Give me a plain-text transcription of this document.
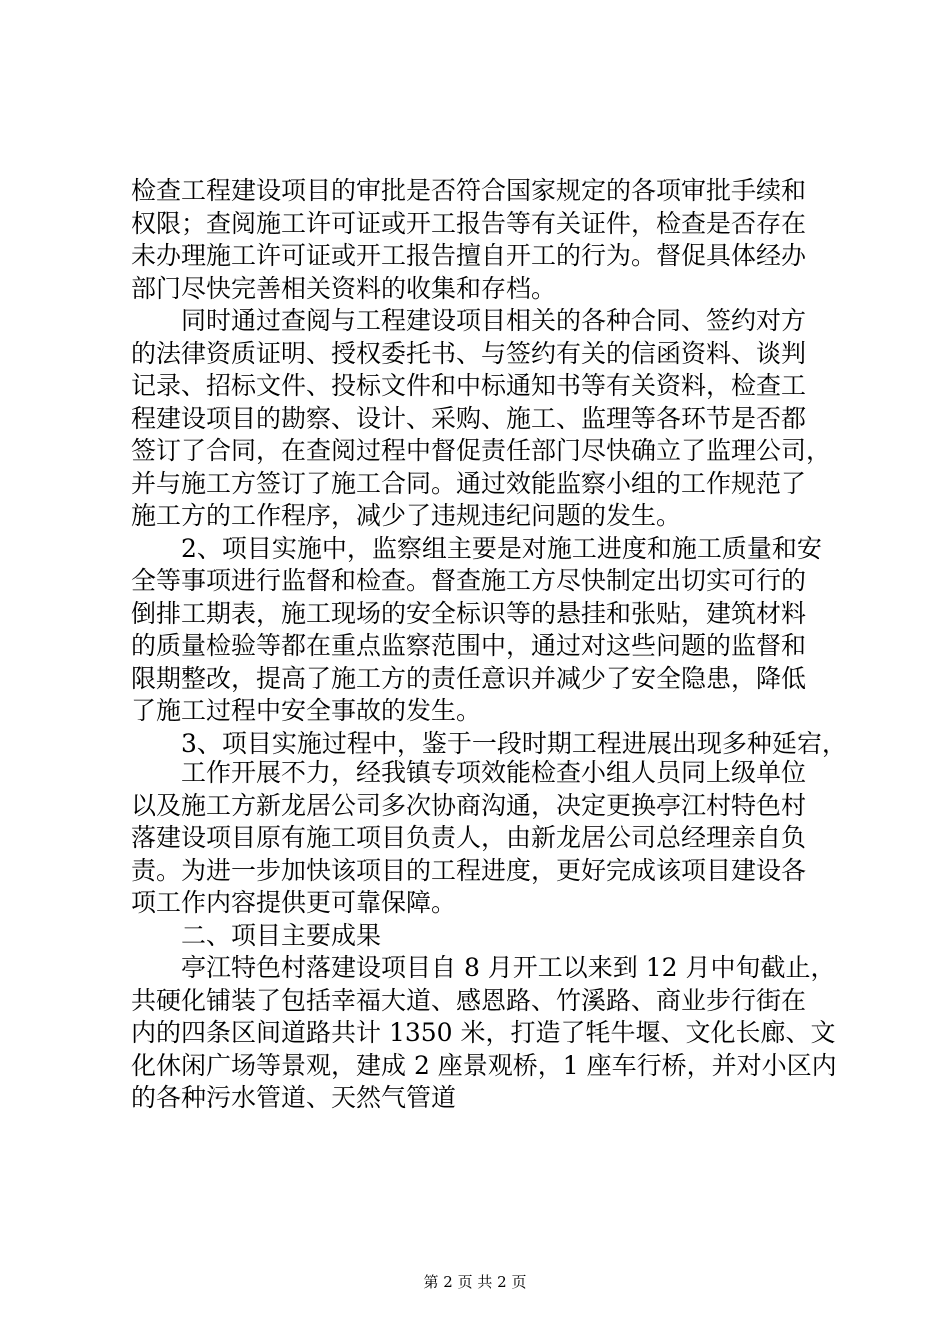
检查工程建设项目的审批是否符合国家规定的各项审批手续和
权限；查阅施工许可证或开工报告等有关证件，检查是否存在
未办理施工许可证或开工报告擅自开工的行为。督促具体经办
部门尽快完善相关资料的收集和存档。
同时通过查阅与工程建设项目相关的各种合同、签约对方
的法律资质证明、授权委托书、与签约有关的信函资料、谈判
记录、招标文件、投标文件和中标通知书等有关资料，检查工
程建设项目的勘察、设计、采购、施工、监理等各环节是否都
签订了合同，在查阅过程中督促责任部门尽快确立了监理公司，
并与施工方签订了施工合同。通过效能监察小组的工作规范了
施工方的工作程序，减少了违规违纪问题的发生。
2、项目实施中，监察组主要是对施工进度和施工质量和安
全等事项进行监督和检查。督查施工方尽快制定出切实可行的
倒排工期表，施工现场的安全标识等的悬挂和张贴，建筑材料
的质量检验等都在重点监察范围中，通过对这些问题的监督和
限期整改，提高了施工方的责任意识并减少了安全隐患，降低
了施工过程中安全事故的发生。
3、项目实施过程中，鉴于一段时期工程进展出现多种延宕，
工作开展不力，经我镇专项效能检查小组人员同上级单位
以及施工方新龙居公司多次协商沟通，决定更换亭江村特色村
落建设项目原有施工项目负责人，由新龙居公司总经理亲自负
责。为进一步加快该项目的工程进度，更好完成该项目建设各
项工作内容提供更可靠保障。
二、项目主要成果
亭江特色村落建设项目自 8 月开工以来到 12 月中旬截止，
共硬化铺装了包括幸福大道、感恩路、竹溪路、商业步行街在
内的四条区间道路共计 1350 米，打造了牦牛堰、文化长廊、文
化休闲广场等景观，建成 2 座景观桥，1 座车行桥，并对小区内
的各种污水管道、天然气管道
第 2 页 共 2 页
